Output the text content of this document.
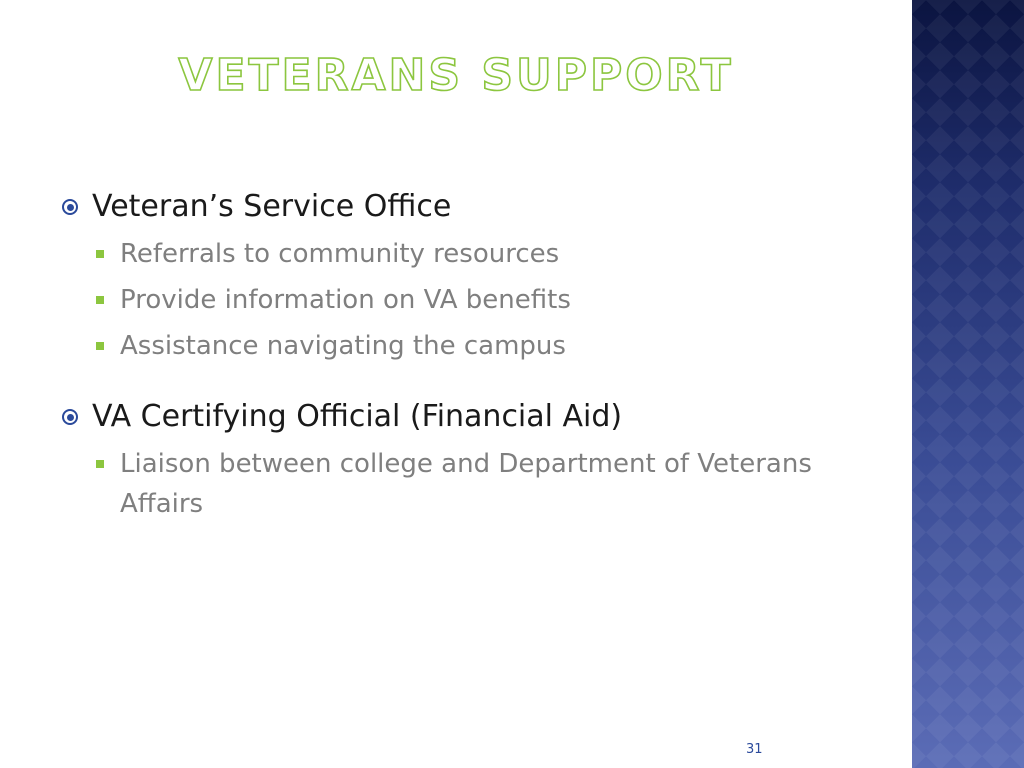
VETERANS SUPPORT
Veteran’s Service Office
Referrals to community resources
Provide information on VA benefits
Assistance navigating the campus
VA Certifying Official (Financial Aid)
Liaison between college and Department of Veterans Affairs
31
